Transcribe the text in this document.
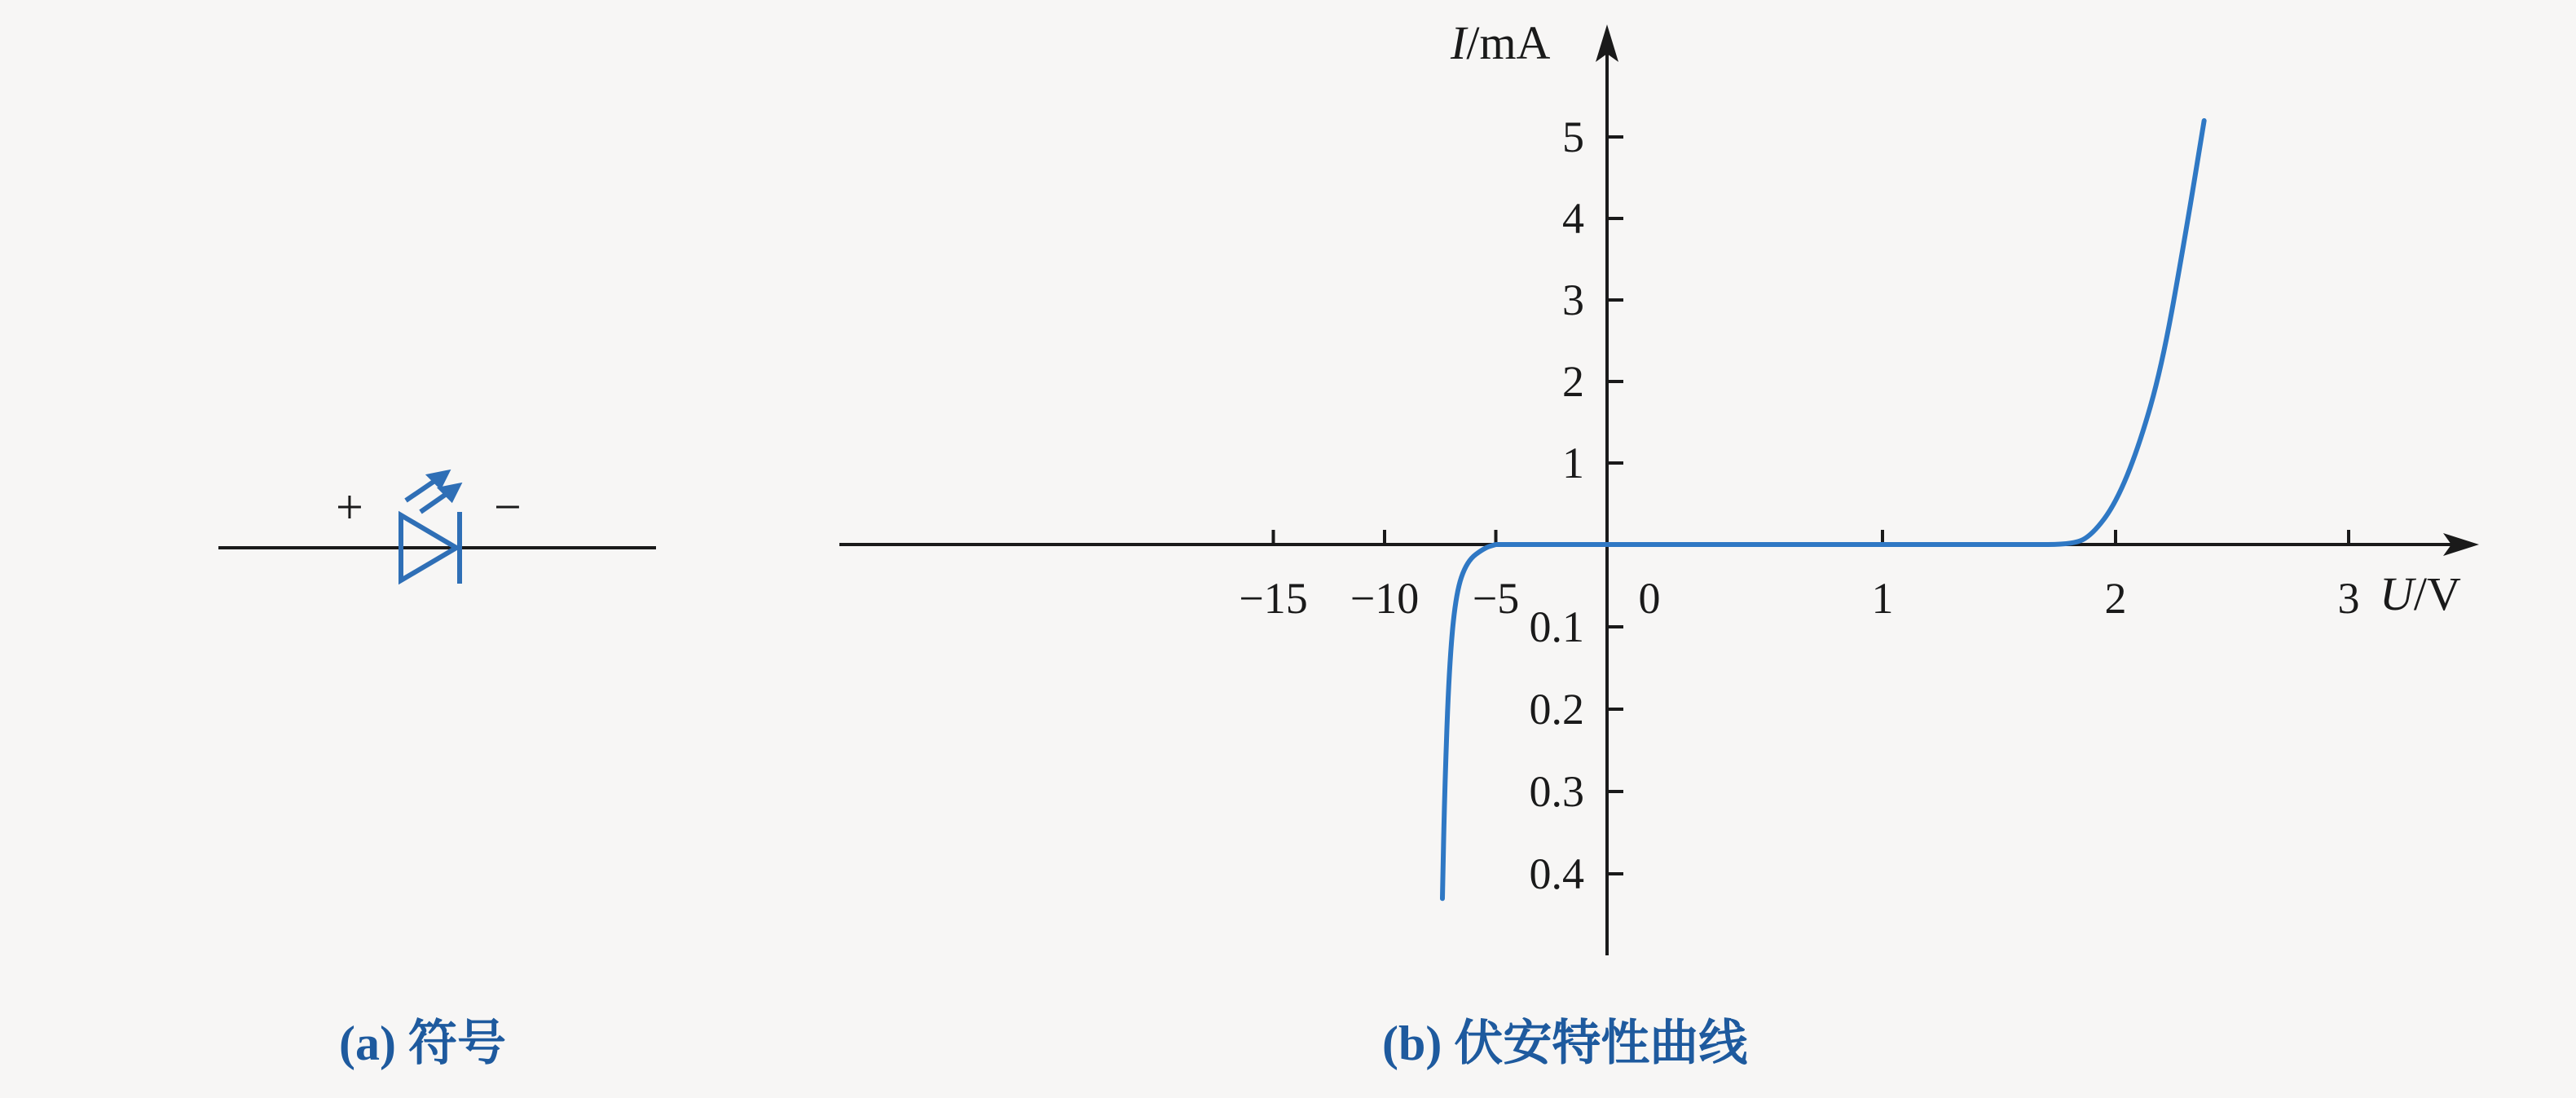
+	−
(a) 符号
I/mA
U/V
−15 −10 −5	0	1	2	3
1
2
3
4
5
0.1
0.2
0.3
0.4
(b) 伏安特性曲线
